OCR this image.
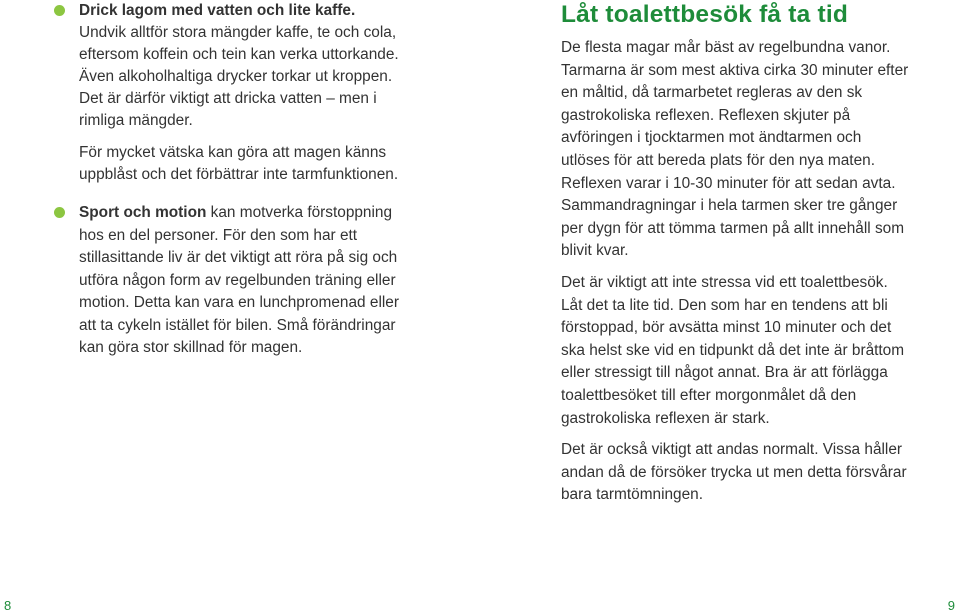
Drick lagom med vatten och lite kaffe. Undvik alltför stora mängder kaffe, te och cola, eftersom koffein och tein kan verka uttorkande. Även alkoholhaltiga drycker torkar ut kroppen. Det är därför viktigt att dricka vatten – men i rimliga mängder.

För mycket vätska kan göra att magen känns uppblåst och det förbättrar inte tarmfunktionen.

Sport och motion kan motverka förstoppning hos en del personer. För den som har ett stillasittande liv är det viktigt att röra på sig och utföra någon form av regelbunden träning eller motion. Detta kan vara en lunchpromenad eller att ta cykeln istället för bilen. Små förändringar kan göra stor skillnad för magen.

Låt toalettbesök få ta tid

De flesta magar mår bäst av regelbundna vanor. Tarmarna är som mest aktiva cirka 30 minuter efter en måltid, då tarmarbetet regleras av den sk gastrokoliska reflexen. Reflexen skjuter på avföringen i tjocktarmen mot ändtarmen och utlöses för att bereda plats för den nya maten. Reflexen varar i 10-30 minuter för att sedan avta. Sammandragningar i hela tarmen sker tre gånger per dygn för att tömma tarmen på allt innehåll som blivit kvar.

Det är viktigt att inte stressa vid ett toalettbesök. Låt det ta lite tid. Den som har en tendens att bli förstoppad, bör avsätta minst 10 minuter och det ska helst ske vid en tidpunkt då det inte är bråttom eller stressigt till något annat. Bra är att förlägga toalettbesöket till efter morgonmålet då den gastrokoliska reflexen är stark.

Det är också viktigt att andas normalt. Vissa håller andan då de försöker trycka ut men detta försvårar bara tarmtömningen.

8	9
